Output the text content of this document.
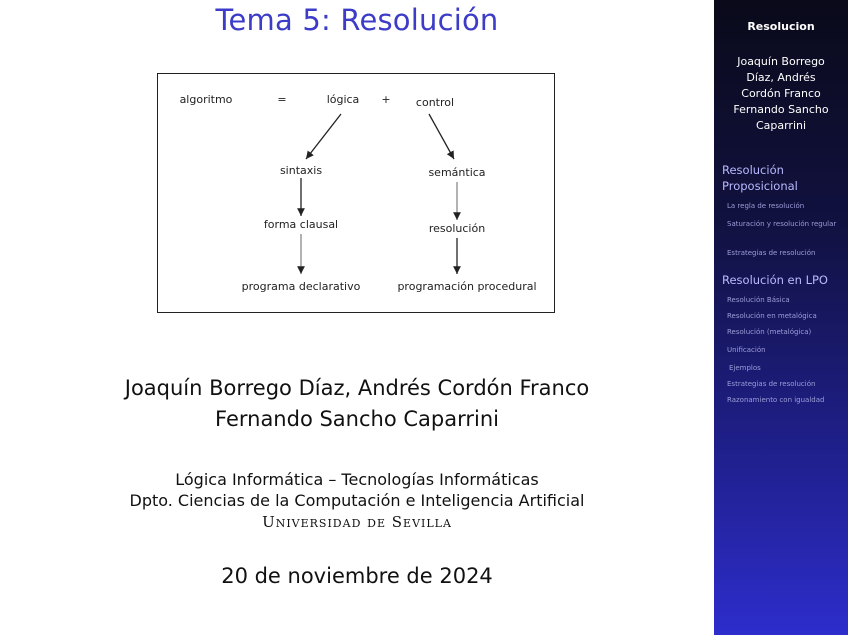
Tema 5: Resolución
algoritmo	=	lógica + control
sintaxis
forma clausal
programa declarativo
semántica
resolución
programación procedural
Joaquín Borrego Díaz, Andrés Cordón Franco
Fernando Sancho Caparrini
Lógica Informática – Tecnologías Informáticas
Dpto. Ciencias de la Computación e Inteligencia Artificial
Universidad de Sevilla
20 de noviembre de 2024
Resolucion
Joaquín Borrego
Díaz, Andrés
Cordón Franco
Fernando Sancho
Caparrini
Resolución Proposicional
La regla de resolución
Saturación y resolución regular
Estrategias de resolución
Resolución en LPO
Resolución Básica
Resolución en metalógica
Resolución (metalógica)
Unificación
Ejemplos
Estrategias de resolución
Razonamiento con igualdad
